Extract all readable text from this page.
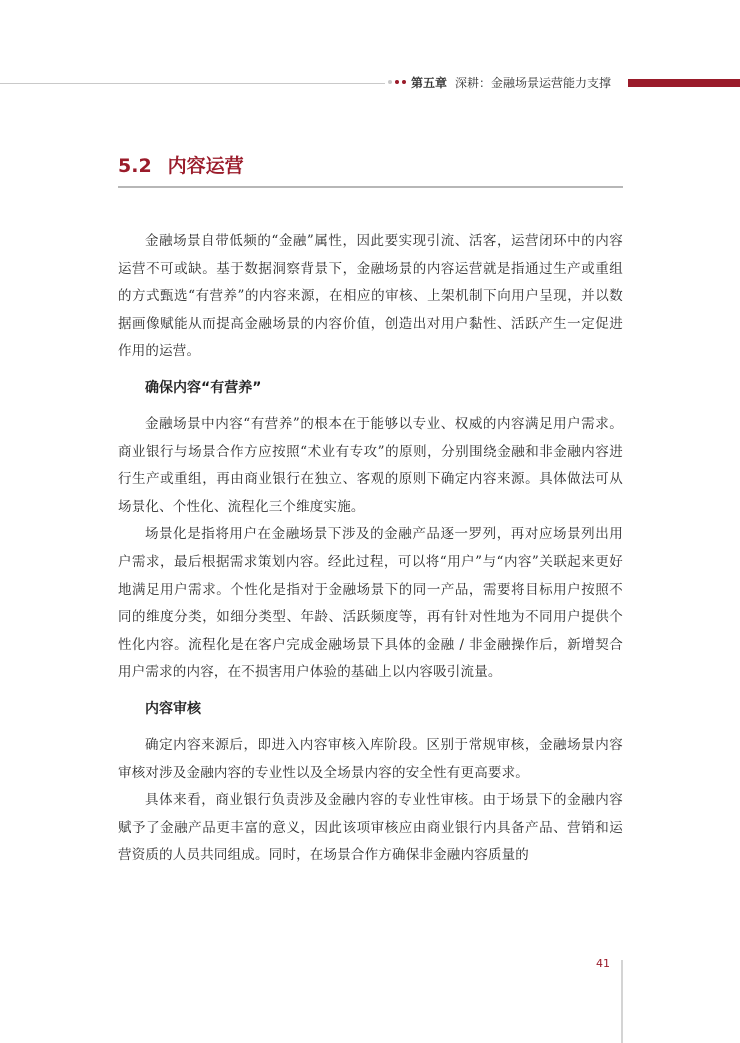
第五章 深耕：金融场景运营能力支撑
5.2 内容运营

金融场景自带低频的“金融”属性，因此要实现引流、活客，运营闭环中的内容运营不可或缺。基于数据洞察背景下，金融场景的内容运营就是指通过生产或重组的方式甄选“有营养”的内容来源，在相应的审核、上架机制下向用户呈现，并以数据画像赋能从而提高金融场景的内容价值，创造出对用户黏性、活跃产生一定促进作用的运营。

确保内容“有营养”

金融场景中内容“有营养”的根本在于能够以专业、权威的内容满足用户需求。商业银行与场景合作方应按照“术业有专攻”的原则，分别围绕金融和非金融内容进行生产或重组，再由商业银行在独立、客观的原则下确定内容来源。具体做法可从场景化、个性化、流程化三个维度实施。

场景化是指将用户在金融场景下涉及的金融产品逐一罗列，再对应场景列出用户需求，最后根据需求策划内容。经此过程，可以将“用户”与“内容”关联起来更好地满足用户需求。个性化是指对于金融场景下的同一产品，需要将目标用户按照不同的维度分类，如细分类型、年龄、活跃频度等，再有针对性地为不同用户提供个性化内容。流程化是在客户完成金融场景下具体的金融 / 非金融操作后，新增契合用户需求的内容，在不损害用户体验的基础上以内容吸引流量。

内容审核

确定内容来源后，即进入内容审核入库阶段。区别于常规审核，金融场景内容审核对涉及金融内容的专业性以及全场景内容的安全性有更高要求。

具体来看，商业银行负责涉及金融内容的专业性审核。由于场景下的金融内容赋予了金融产品更丰富的意义，因此该项审核应由商业银行内具备产品、营销和运营资质的人员共同组成。同时，在场景合作方确保非金融内容质量的

41
